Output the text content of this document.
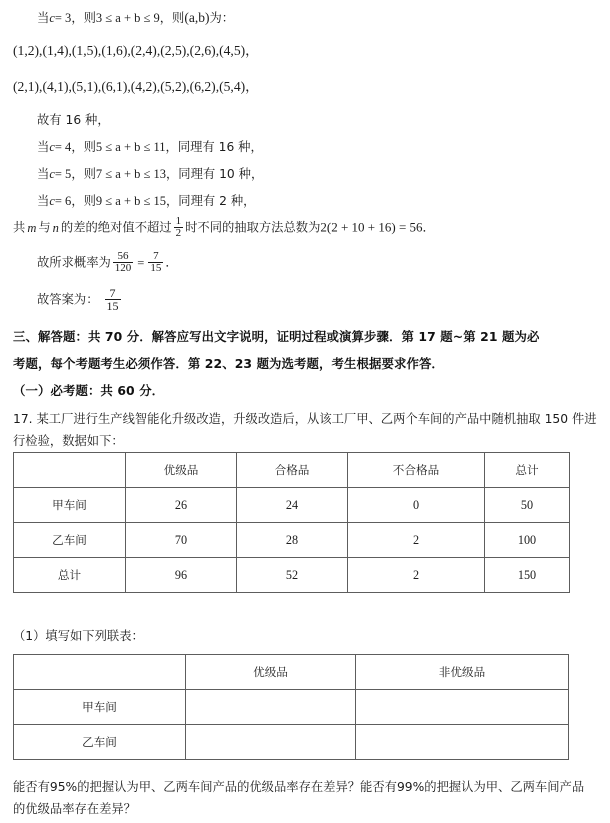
当c= 3，则3 ≤ a + b ≤ 9，则(a,b)为：
(1,2),(1,4),(1,5),(1,6),(2,4),(2,5),(2,6),(4,5)，
(2,1),(4,1),(5,1),(6,1),(4,2),(5,2),(6,2),(5,4)，
故有 16 种，
当c= 4，则5 ≤ a + b ≤ 11，同理有 16 种，
当c= 5，则7 ≤ a + b ≤ 13，同理有 10 种，
当c= 6，则9 ≤ a + b ≤ 15，同理有 2 种，
共 m 与 n 的差的绝对值不超过 $\frac{1}{2}$ 时不同的抽取方法总数为2(2 + 10 + 16) = 56．
故所求概率为 $\frac{56}{120} = \frac{7}{15}$ ．
故答案为： $\frac{7}{15}$
三、解答题：共 70 分．解答应写出文字说明，证明过程或演算步骤．第 17 题~第 21 题为必
考题，每个考题考生必须作答．第 22、23 题为选考题，考生根据要求作答．
（一）必考题：共 60 分．
17. 某工厂进行生产线智能化升级改造，升级改造后，从该工厂甲、乙两个车间的产品中随机抽取 150 件进
行检验，数据如下：
	优级品	合格品	不合格品	总计
甲车间	26	24	0	50
乙车间	70	28	2	100
总计	96	52	2	150
（1）填写如下列联表：
	优级品	非优级品
甲车间		
乙车间		
能否有95%的把握认为甲、乙两车间产品的优级品率存在差异？能否有99%的把握认为甲、乙两车间产品
的优级品率存在差异？
